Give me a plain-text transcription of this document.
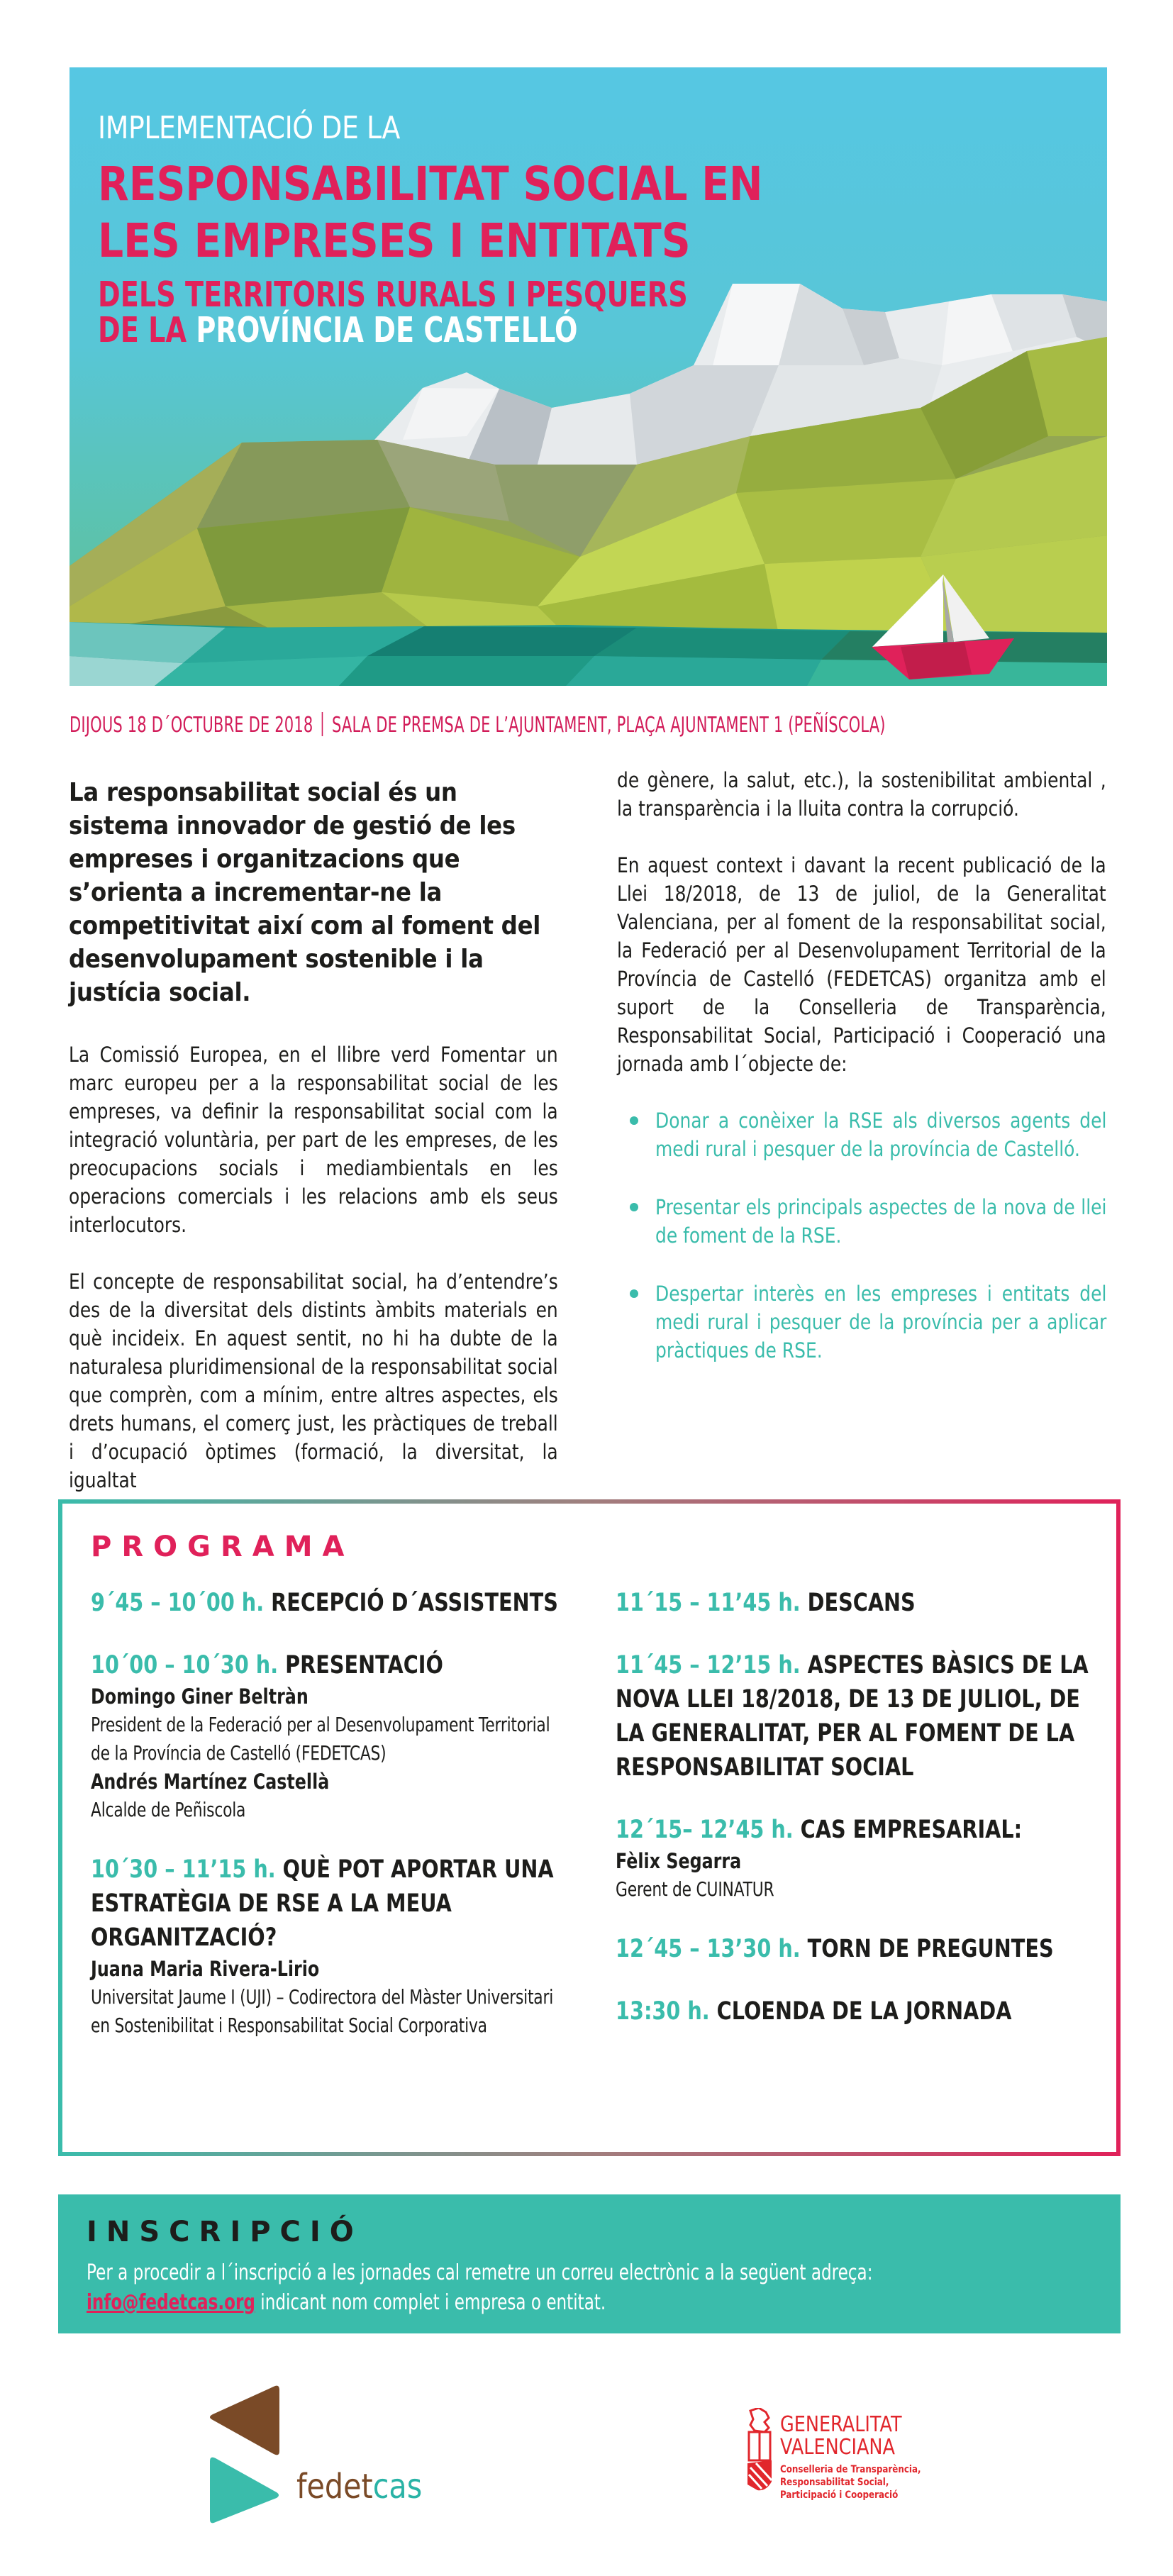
IMPLEMENTACIÓ DE LA
RESPONSABILITAT SOCIAL EN
LES EMPRESES I ENTITATS
DELS TERRITORIS RURALS I PESQUERS
DE LA PROVÍNCIA DE CASTELLÓ
DIJOUS 18 D´OCTUBRE DE 2018 SALA DE PREMSA DE L’AJUNTAMENT, PLAÇA AJUNTAMENT 1 (PEÑÍSCOLA)

La responsabilitat social és un sistema innovador de gestió de les empreses i organitzacions que s’orienta a incrementar-ne la competitivitat així com al foment del desenvolupament sostenible i la justícia social.

La Comissió Europea, en el llibre verd Fomentar un marc europeu per a la responsabilitat social de les empreses, va definir la responsabilitat social com la integració voluntària, per part de les empreses, de les preocupacions socials i mediambientals en les operacions comercials i les relacions amb els seus interlocutors.

El concepte de responsabilitat social, ha d’entendre’s des de la diversitat dels distints àmbits materials en què incideix. En aquest sentit, no hi ha dubte de la naturalesa pluridimensional de la responsabilitat social que comprèn, com a mínim, entre altres aspectes, els drets humans, el comerç just, les pràctiques de treball i d’ocupació òptimes (formació, la diversitat, la igualtat

de gènere, la salut, etc.), la sostenibilitat ambiental , la transparència i la lluita contra la corrupció.

En aquest context i davant la recent publicació de la Llei 18/2018, de 13 de juliol, de la Generalitat Valenciana, per al foment de la responsabilitat social, la Federació per al Desenvolupament Territorial de la Província de Castelló (FEDETCAS) organitza amb el suport de la Conselleria de Transparència, Responsabilitat Social, Participació i Cooperació una jornada amb l´objecte de:

Donar a conèixer la RSE als diversos agents del medi rural i pesquer de la província de Castelló.
Presentar els principals aspectes de la nova de llei de foment de la RSE.
Despertar interès en les empreses i entitats del medi rural i pesquer de la província per a aplicar pràctiques de RSE.
PROGRAMA
9´45 – 10´00 h. RECEPCIÓ D´ASSISTENTS
10´00 – 10´30 h. PRESENTACIÓ
Domingo Giner Beltràn
President de la Federació per al Desenvolupament Territorial de la Província de Castelló (FEDETCAS)
Andrés Martínez Castellà
Alcalde de Peñiscola
10´30 – 11’15 h. QUÈ POT APORTAR UNA ESTRATÈGIA DE RSE A LA MEUA ORGANITZACIÓ?
Juana Maria Rivera-Lirio
Universitat Jaume I (UJI) – Codirectora del Màster Universitari en Sostenibilitat i Responsabilitat Social Corporativa
11´15 – 11’45 h. DESCANS
11´45 – 12’15 h. ASPECTES BÀSICS DE LA NOVA LLEI 18/2018, DE 13 DE JULIOL, DE LA GENERALITAT, PER AL FOMENT DE LA RESPONSABILITAT SOCIAL
12´15– 12’45 h. CAS EMPRESARIAL:
Fèlix Segarra
Gerent de CUINATUR
12´45 – 13’30 h. TORN DE PREGUNTES
13:30 h. CLOENDA DE LA JORNADA
INSCRIPCIÓ
Per a procedir a l´inscripció a les jornades cal remetre un correu electrònic a la següent adreça:
info@fedetcas.org indicant nom complet i empresa o entitat.
fedetcas
GENERALITAT
VALENCIANA
Conselleria de Transparència,
Responsabilitat Social,
Participació i Cooperació
